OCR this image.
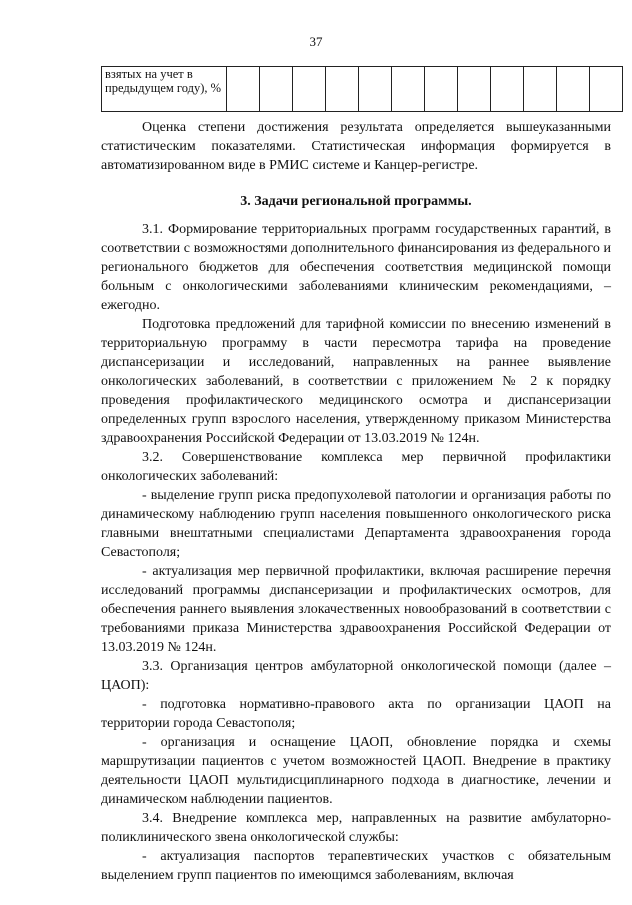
37
взятых на учет в предыдущем году), %												

Оценка степени достижения результата определяется вышеуказанными статистическим показателями. Статистическая информация формируется в автоматизированном виде в РМИС системе и Канцер-регистре.

3. Задачи региональной программы.

3.1. Формирование территориальных программ государственных гарантий, в соответствии с возможностями дополнительного финансирования из федерального и регионального бюджетов для обеспечения соответствия медицинской помощи больным с онкологическими заболеваниями клиническим рекомендациями, – ежегодно.

Подготовка предложений для тарифной комиссии по внесению изменений в территориальную программу в части пересмотра тарифа на проведение диспансеризации и исследований, направленных на раннее выявление онкологических заболеваний, в соответствии с приложением № 2 к порядку проведения профилактического медицинского осмотра и диспансеризации определенных групп взрослого населения, утвержденному приказом Министерства здравоохранения Российской Федерации от 13.03.2019 № 124н.

3.2. Совершенствование комплекса мер первичной профилактики онкологических заболеваний:

- выделение групп риска предопухолевой патологии и организация работы по динамическому наблюдению групп населения повышенного онкологического риска главными внештатными специалистами Департамента здравоохранения города Севастополя;

- актуализация мер первичной профилактики, включая расширение перечня исследований программы диспансеризации и профилактических осмотров, для обеспечения раннего выявления злокачественных новообразований в соответствии с требованиями приказа Министерства здравоохранения Российской Федерации от 13.03.2019 № 124н.

3.3. Организация центров амбулаторной онкологической помощи (далее – ЦАОП):

- подготовка нормативно-правового акта по организации ЦАОП на территории города Севастополя;

- организация и оснащение ЦАОП, обновление порядка и схемы маршрутизации пациентов с учетом возможностей ЦАОП. Внедрение в практику деятельности ЦАОП мультидисциплинарного подхода в диагностике, лечении и динамическом наблюдении пациентов.

3.4. Внедрение комплекса мер, направленных на развитие амбулаторно-поликлинического звена онкологической службы:

- актуализация паспортов терапевтических участков с обязательным выделением групп пациентов по имеющимся заболеваниям, включая
